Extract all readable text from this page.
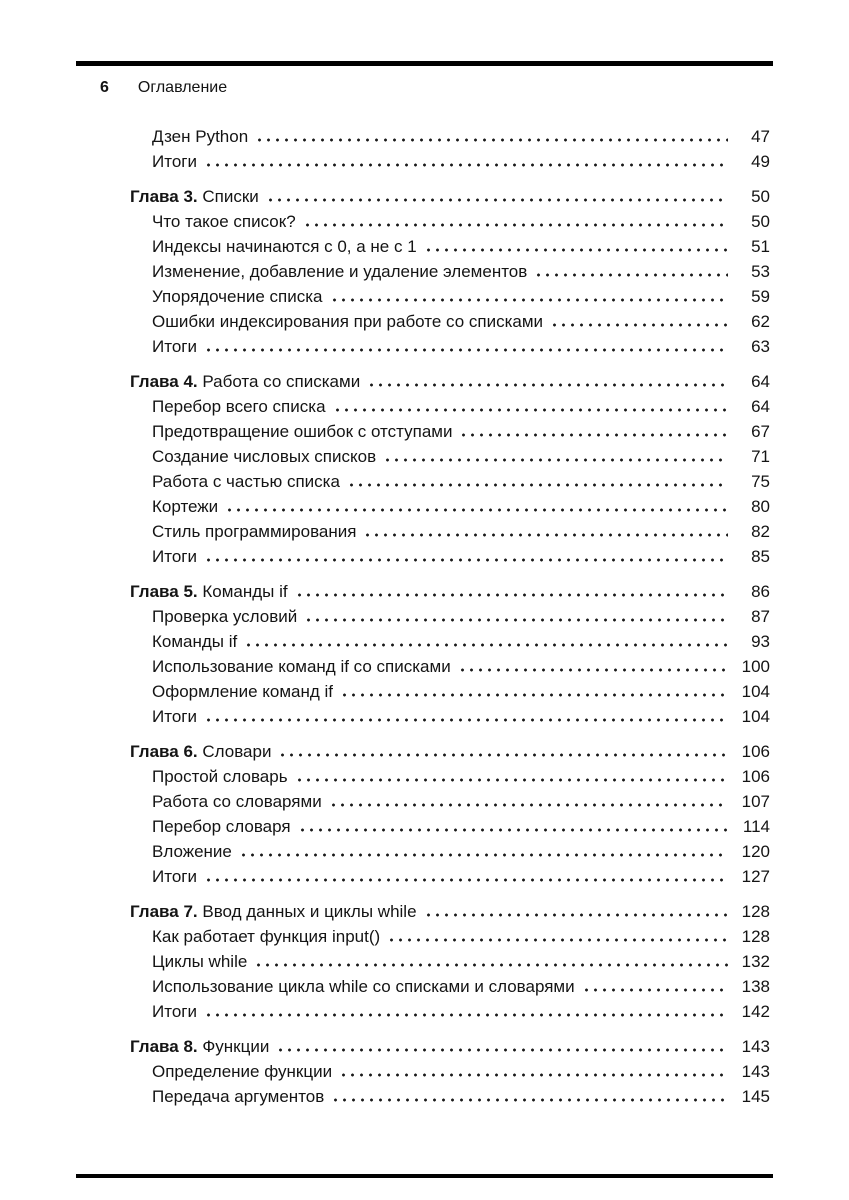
6 Оглавление
Дзен Python	47
Итоги	49
Глава 3. Списки	50
Что такое список?	50
Индексы начинаются с 0, а не с 1	51
Изменение, добавление и удаление элементов	53
Упорядочение списка	59
Ошибки индексирования при работе со списками	62
Итоги	63
Глава 4. Работа со списками	64
Перебор всего списка	64
Предотвращение ошибок с отступами	67
Создание числовых списков	71
Работа с частью списка	75
Кортежи	80
Стиль программирования	82
Итоги	85
Глава 5. Команды if	86
Проверка условий	87
Команды if	93
Использование команд if со списками	100
Оформление команд if	104
Итоги	104
Глава 6. Словари	106
Простой словарь	106
Работа со словарями	107
Перебор словаря	114
Вложение	120
Итоги	127
Глава 7. Ввод данных и циклы while	128
Как работает функция input()	128
Циклы while	132
Использование цикла while со списками и словарями	138
Итоги	142
Глава 8. Функции	143
Определение функции	143
Передача аргументов	145
